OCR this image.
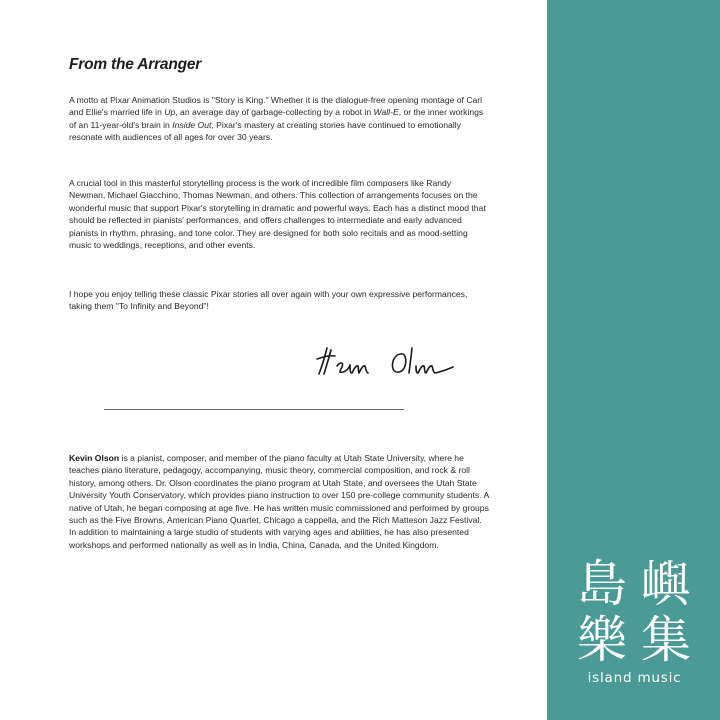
From the Arranger

A motto at Pixar Animation Studios is "Story is King." Whether it is the dialogue-free opening montage of Carl and Ellie's married life in Up, an average day of garbage-collecting by a robot in Wall-E, or the inner workings of an 11-year-old's brain in Inside Out, Pixar's mastery at creating stories have continued to emotionally resonate with audiences of all ages for over 30 years.

A crucial tool in this masterful storytelling process is the work of incredible film composers like Randy Newman, Michael Giacchino, Thomas Newman, and others. This collection of arrangements focuses on the wonderful music that support Pixar's storytelling in dramatic and powerful ways. Each has a distinct mood that should be reflected in pianists' performances, and offers challenges to intermediate and early advanced pianists in rhythm, phrasing, and tone color. They are designed for both solo recitals and as mood-setting music to weddings, receptions, and other events.

I hope you enjoy telling these classic Pixar stories all over again with your own expressive performances, taking them "To Infinity and Beyond"!

Kevin Olson is a pianist, composer, and member of the piano faculty at Utah State University, where he teaches piano literature, pedagogy, accompanying, music theory, commercial composition, and rock & roll history, among others. Dr. Olson coordinates the piano program at Utah State, and oversees the Utah State University Youth Conservatory, which provides piano instruction to over 150 pre-college community students. A native of Utah, he began composing at age five. He has written music commissioned and performed by groups such as the Five Browns, American Piano Quartet, Chicago a cappella, and the Rich Matteson Jazz Festival. In addition to maintaining a large studio of students with varying ages and abilities, he has also presented workshops and performed nationally as well as in India, China, Canada, and the United Kingdom.

島 嶼
樂 集
island music
